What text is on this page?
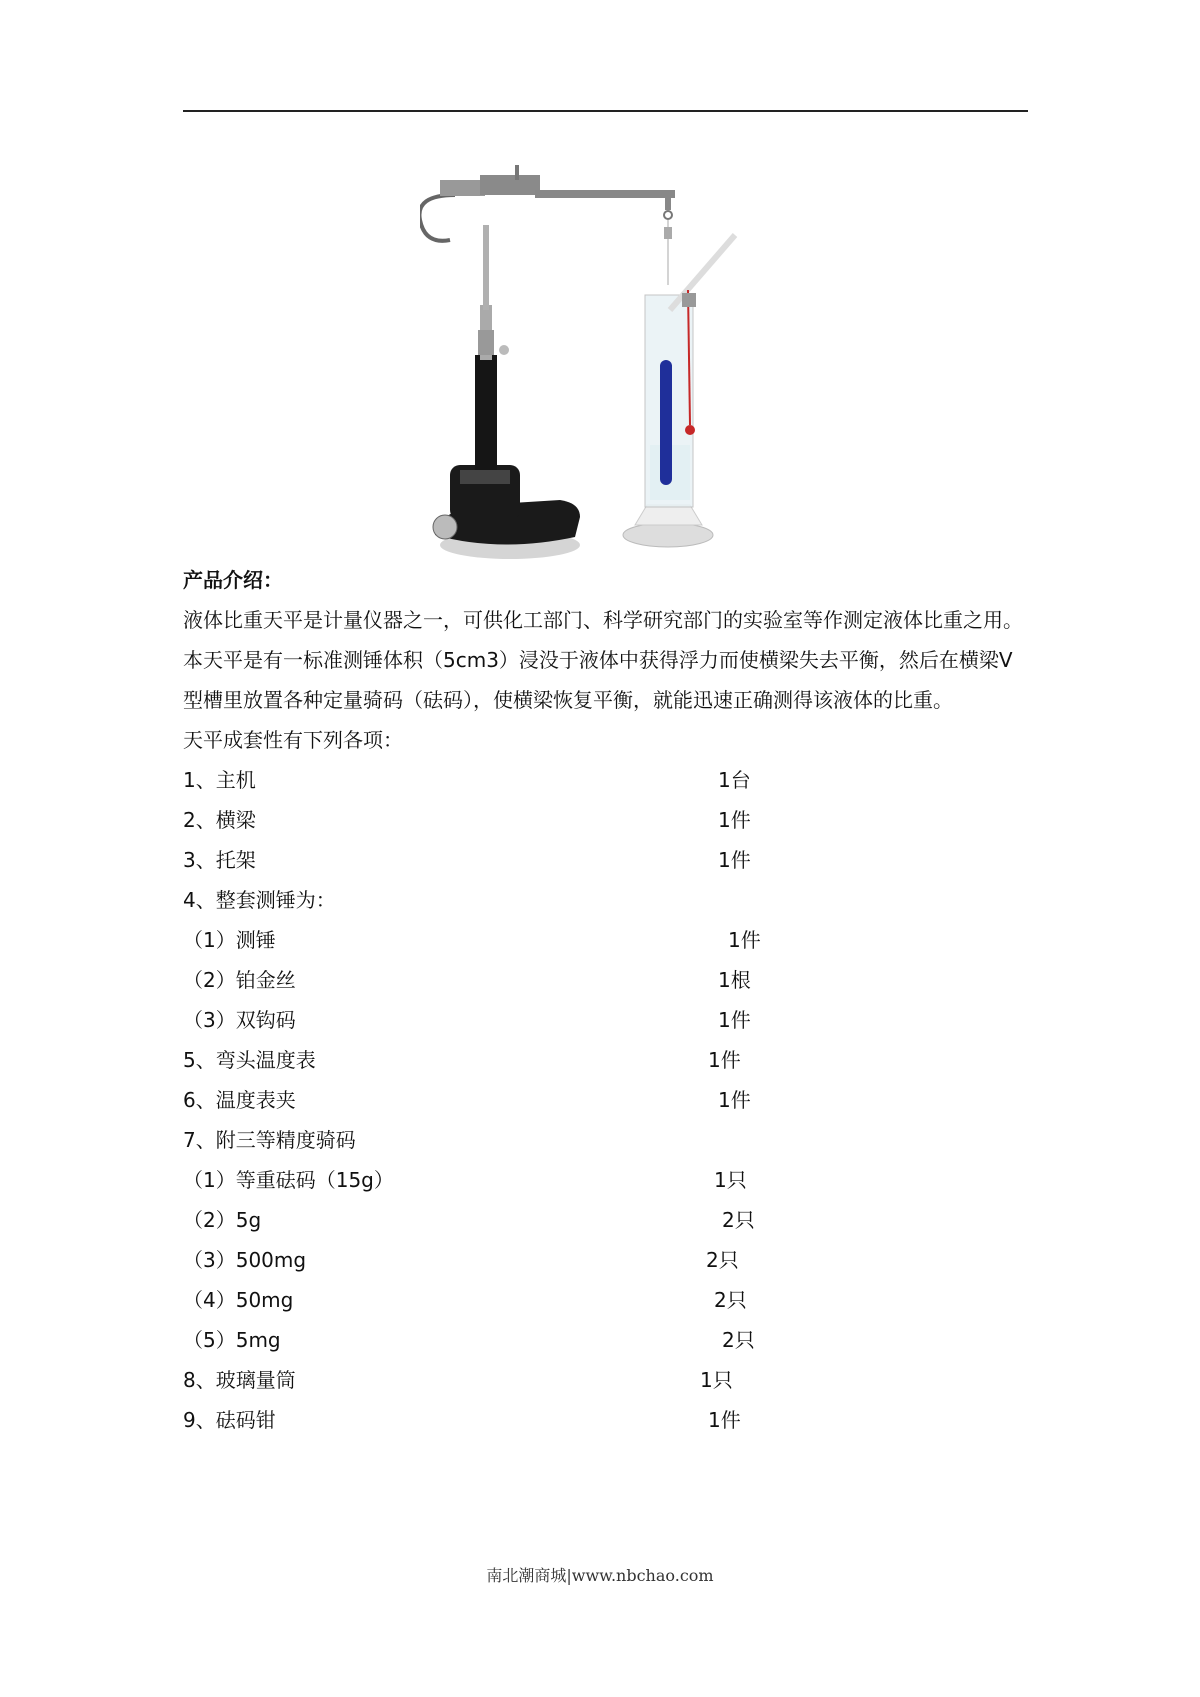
产品介绍：
液体比重天平是计量仪器之一，可供化工部门、科学研究部门的实验室等作测定液体比重之用。
本天平是有一标准测锤体积（5cm3）浸没于液体中获得浮力而使横梁失去平衡，然后在横梁V
型槽里放置各种定量骑码（砝码），使横梁恢复平衡，就能迅速正确测得该液体的比重。
天平成套性有下列各项：
1、主机	1台
2、横梁	1件
3、托架	1件
4、整套测锤为：
（1）测锤	1件
（2）铂金丝	1根
（3）双钩码	1件
5、弯头温度表	1件
6、温度表夹	1件
7、附三等精度骑码
（1）等重砝码（15g）	1只
（2）5g	2只
（3）500mg	2只
（4）50mg	2只
（5）5mg	2只
8、玻璃量筒	1只
9、砝码钳	1件
南北潮商城|www.nbchao.com
